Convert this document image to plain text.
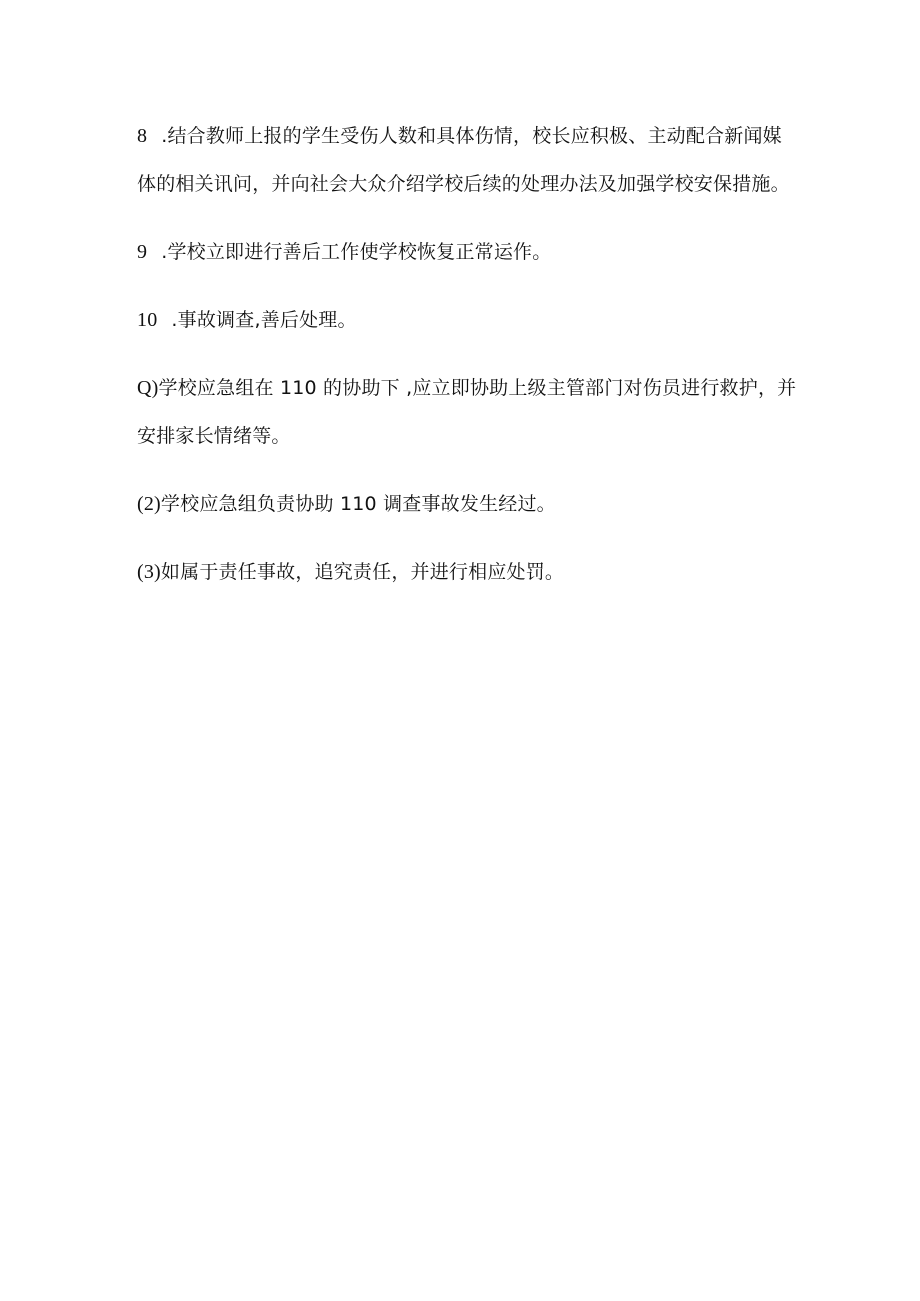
8 .结合教师上报的学生受伤人数和具体伤情，校长应积极、主动配合新闻媒体的相关讯问，并向社会大众介绍学校后续的处理办法及加强学校安保措施。

9 .学校立即进行善后工作使学校恢复正常运作。

10 .事故调查,善后处理。

Q)学校应急组在 110 的协助下 ,应立即协助上级主管部门对伤员进行救护，并安排家长情绪等。

(2)学校应急组负责协助 110 调查事故发生经过。

(3)如属于责任事故，追究责任，并进行相应处罚。
